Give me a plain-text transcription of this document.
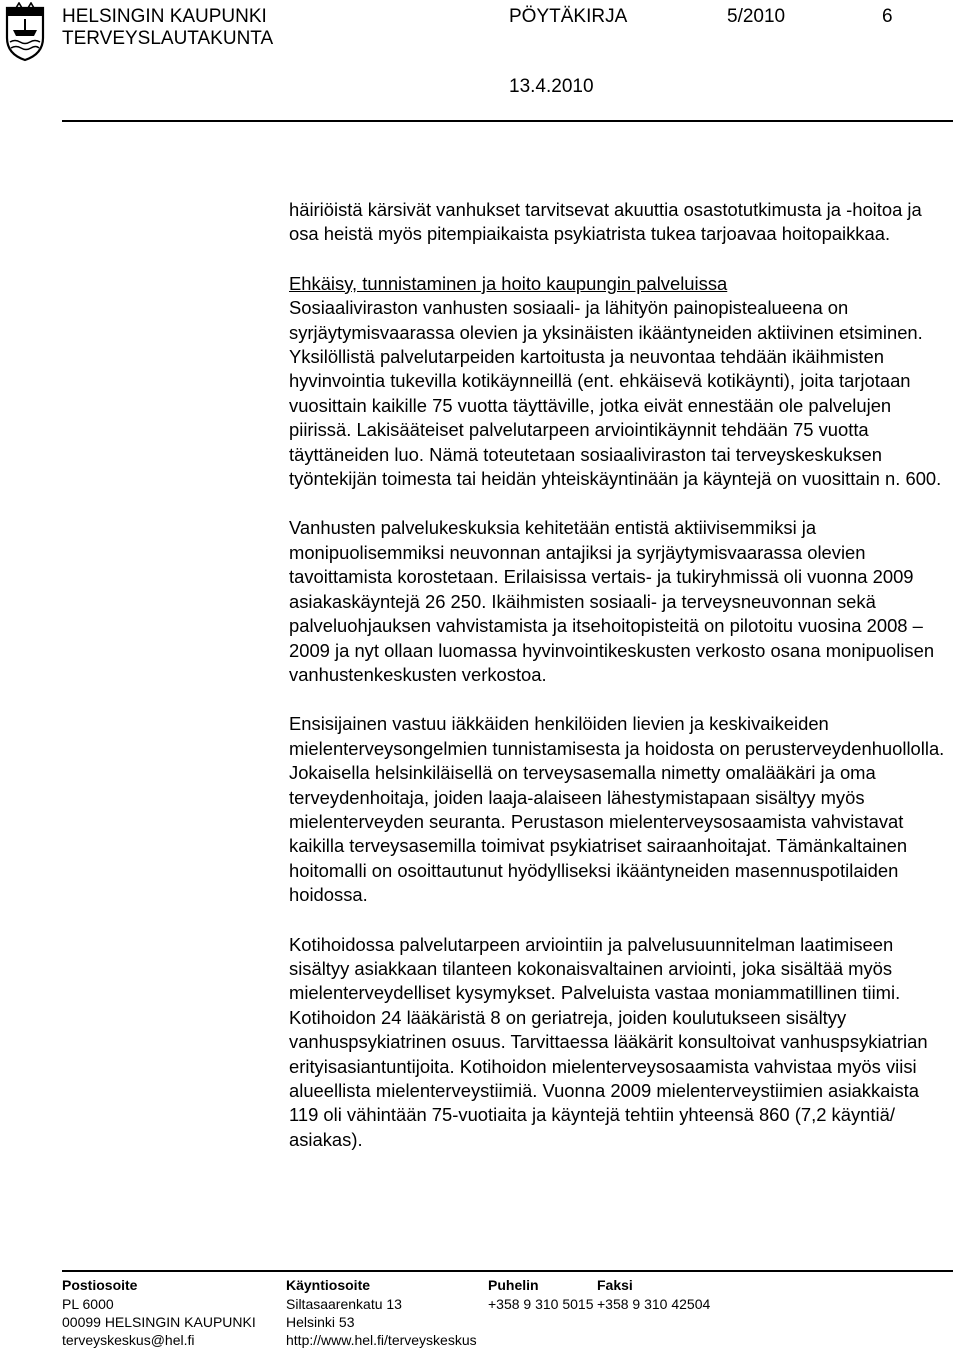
HELSINGIN KAUPUNKI
TERVEYSLAUTAKUNTA
PÖYTÄKIRJA	5/2010	6
13.4.2010

häiriöistä kärsivät vanhukset tarvitsevat akuuttia osastotutkimusta ja -hoitoa ja osa heistä myös pitempiaikaista psykiatrista tukea tarjoavaa hoitopaikkaa.

Ehkäisy, tunnistaminen ja hoito kaupungin palveluissa

Sosiaaliviraston vanhusten sosiaali- ja lähityön painopistealueena on syrjäytymisvaarassa olevien ja yksinäisten ikääntyneiden aktiivinen etsiminen. Yksilöllistä palvelutarpeiden kartoitusta ja neuvontaa tehdään ikäihmisten hyvinvointia tukevilla kotikäynneillä (ent. ehkäisevä kotikäynti), joita tarjotaan vuosittain kaikille 75 vuotta täyttäville, jotka eivät ennestään ole palvelujen piirissä. Lakisääteiset palvelutarpeen arviointikäynnit tehdään 75 vuotta täyttäneiden luo. Nämä toteutetaan sosiaaliviraston tai terveyskeskuksen työntekijän toimesta tai heidän yhteiskäyntinään ja käyntejä on vuosittain n. 600.

Vanhusten palvelukeskuksia kehitetään entistä aktiivisemmiksi ja monipuolisemmiksi neuvonnan antajiksi ja syrjäytymisvaarassa olevien tavoittamista korostetaan. Erilaisissa vertais- ja tukiryhmissä oli vuonna 2009 asiakaskäyntejä 26 250. Ikäihmisten sosiaali- ja terveysneuvonnan sekä palveluohjauksen vahvistamista ja itsehoitopisteitä on pilotoitu vuosina 2008 – 2009 ja nyt ollaan luomassa hyvinvointikeskusten verkosto osana monipuolisen vanhustenkeskusten verkostoa.

Ensisijainen vastuu iäkkäiden henkilöiden lievien ja keskivaikeiden mielenterveysongelmien tunnistamisesta ja hoidosta on perusterveydenhuollolla. Jokaisella helsinkiläisellä on terveysasemalla nimetty omalääkäri ja oma terveydenhoitaja, joiden laaja-alaiseen lähestymistapaan sisältyy myös mielenterveyden seuranta. Perustason mielenterveysosaamista vahvistavat kaikilla terveysasemilla toimivat psykiatriset sairaanhoitajat. Tämänkaltainen hoitomalli on osoittautunut hyödylliseksi ikääntyneiden masennuspotilaiden hoidossa.

Kotihoidossa palvelutarpeen arviointiin ja palvelusuunnitelman laatimiseen sisältyy asiakkaan tilanteen kokonaisvaltainen arviointi, joka sisältää myös mielenterveydelliset kysymykset. Palveluista vastaa moniammatillinen tiimi. Kotihoidon 24 lääkäristä 8 on geriatreja, joiden koulutukseen sisältyy vanhuspsykiatrinen osuus. Tarvittaessa lääkärit konsultoivat vanhuspsykiatrian erityisasiantuntijoita. Kotihoidon mielenterveysosaamista vahvistaa myös viisi alueellista mielenterveystiimiä. Vuonna 2009 mielenterveystiimien asiakkaista 119 oli vähintään 75-vuotiaita ja käyntejä tehtiin yhteensä 860 (7,2 käyntiä/ asiakas).

Postiosoite
PL 6000
00099 HELSINGIN KAUPUNKI
terveyskeskus@hel.fi
Käyntiosoite
Siltasaarenkatu 13
Helsinki 53
http://www.hel.fi/terveyskeskus
Puhelin
+358 9 310 5015
Faksi
+358 9 310 42504
